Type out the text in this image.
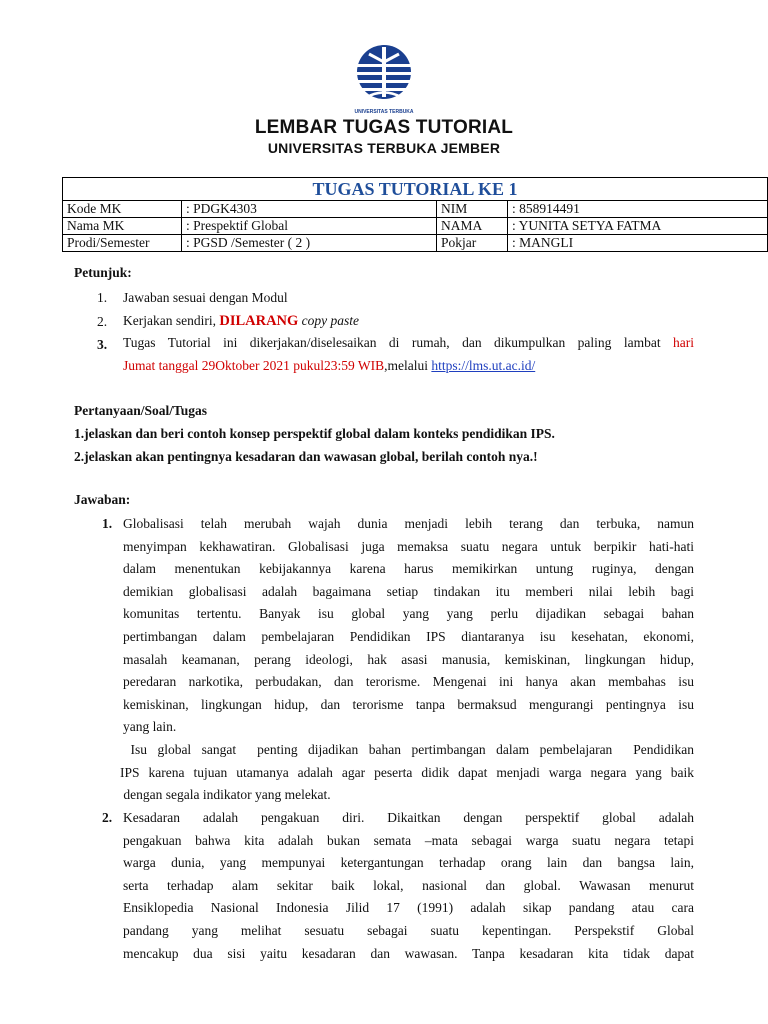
UNIVERSITAS TERBUKA
LEMBAR TUGAS TUTORIAL
UNIVERSITAS TERBUKA JEMBER
TUGAS TUTORIAL KE 1			
Kode MK	: PDGK4303	NIM	: 858914491
Nama MK	: Prespektif Global	NAMA	: YUNITA SETYA FATMA
Prodi/Semester	: PGSD /Semester ( 2 )	Pokjar	: MANGLI
Petunjuk:
1. Jawaban sesuai dengan Modul
2. Kerjakan sendiri, DILARANG copy paste
3. Tugas Tutorial ini dikerjakan/diselesaikan di rumah, dan dikumpulkan paling lambat hari
Jumat tanggal 29Oktober 2021 pukul23:59 WIB,melalui https://lms.ut.ac.id/
Pertanyaan/Soal/Tugas
1.jelaskan dan beri contoh konsep perspektif global dalam konteks pendidikan IPS.
2.jelaskan akan pentingnya kesadaran dan wawasan global, berilah contoh nya.!
Jawaban:
1. Globalisasi telah merubah wajah dunia menjadi lebih terang dan terbuka, namun
menyimpan kekhawatiran. Globalisasi juga memaksa suatu negara untuk berpikir hati-hati
dalam menentukan kebijakannya karena harus memikirkan untung ruginya, dengan
demikian globalisasi adalah bagaimana setiap tindakan itu memberi nilai lebih bagi
komunitas tertentu. Banyak isu global yang yang perlu dijadikan sebagai bahan
pertimbangan dalam pembelajaran Pendidikan IPS diantaranya isu kesehatan, ekonomi,
masalah keamanan, perang ideologi, hak asasi manusia, kemiskinan, lingkungan hidup,
peredaran narkotika, perbudakan, dan terorisme. Mengenai ini hanya akan membahas isu
kemiskinan, lingkungan hidup, dan terorisme tanpa bermaksud mengurangi pentingnya isu
yang lain.
Isu global sangat  penting dijadikan bahan pertimbangan dalam pembelajaran  Pendidikan
IPS karena tujuan utamanya adalah agar peserta didik dapat menjadi warga negara yang baik
dengan segala indikator yang melekat.
2. Kesadaran adalah pengakuan diri. Dikaitkan dengan perspektif global adalah
pengakuan bahwa kita adalah bukan semata –mata sebagai warga suatu negara tetapi
warga dunia, yang mempunyai ketergantungan terhadap orang lain dan bangsa lain,
serta terhadap alam sekitar baik lokal, nasional dan global. Wawasan menurut
Ensiklopedia Nasional Indonesia Jilid 17 (1991) adalah sikap pandang atau cara
pandang yang melihat sesuatu sebagai suatu kepentingan. Perspekstif Global
mencakup dua sisi yaitu kesadaran dan wawasan. Tanpa kesadaran kita tidak dapat
